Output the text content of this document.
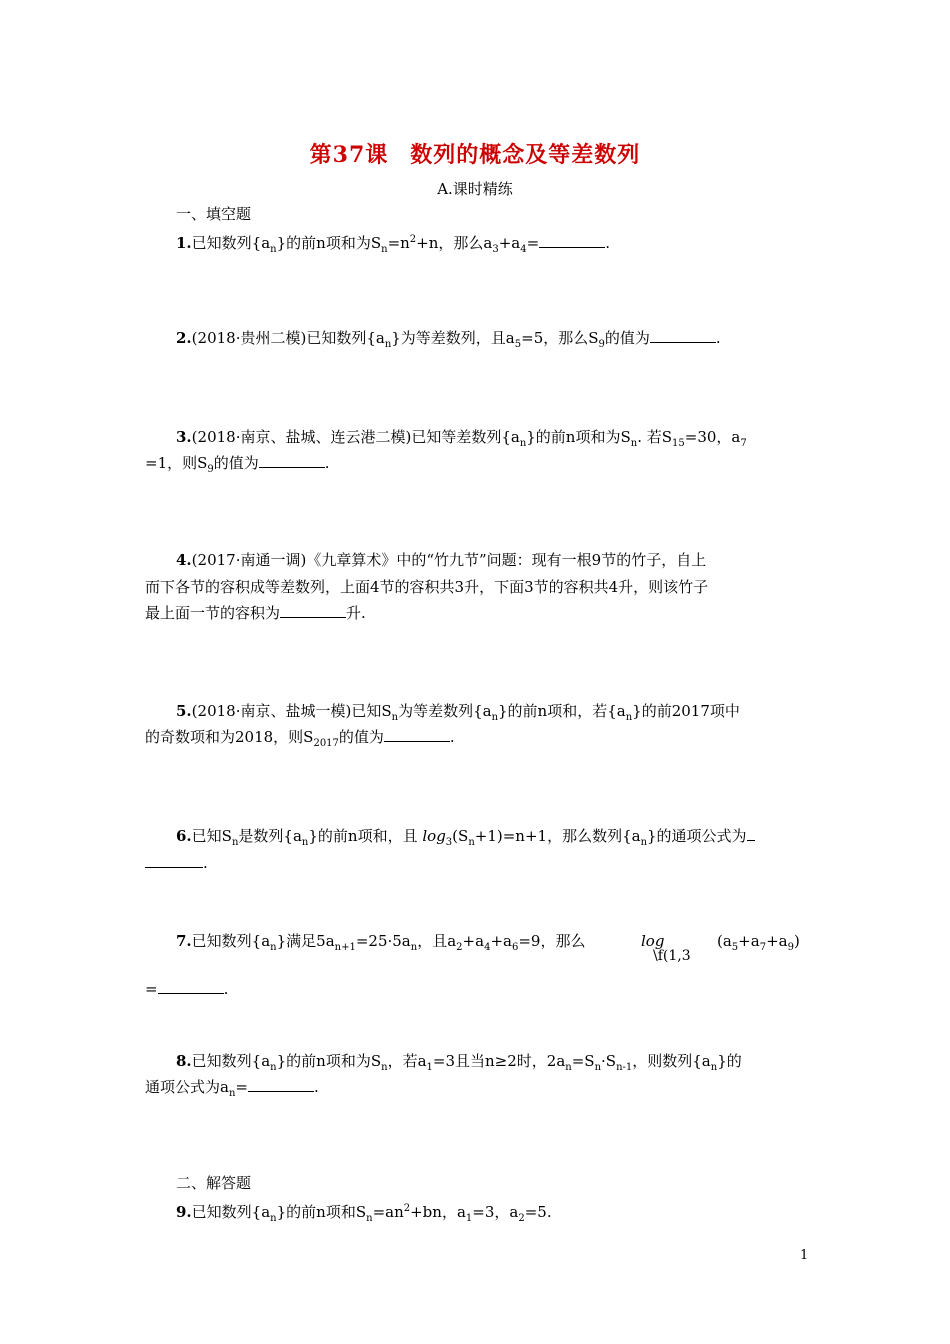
第37课 数列的概念及等差数列
A.课时精练
一、填空题
1.已知数列$\{a_n\}$的前n项和为$S_n=n^2+n$，那么$a_3+a_4=$	.
2.(2018·贵州二模)已知数列$\{a_n\}$为等差数列，且$a_5=5$，那么$S_9$的值为	.
3.(2018·南京、盐城、连云港二模)已知等差数列$\{a_n\}$的前n项和为$S_n$. 若$S_{15}=30$，$a_7$
=1，则$S_9$的值为	.
4.(2017·南通一调)《九章算术》中的“竹九节”问题：现有一根9节的竹子，自上
而下各节的容积成等差数列，上面4节的容积共3升，下面3节的容积共4升，则该竹子
最上面一节的容积为	升.
5.(2018·南京、盐城一模)已知$S_n$为等差数列$\{a_n\}$的前n项和，若$\{a_n\}$的前2017项中
的奇数项和为2018，则$S_{2017}$的值为	.
6.已知$S_n$是数列$\{a_n\}$的前n项和，且 $\log_3(S_n+1)=n+1$，那么数列$\{a_n\}$的通项公式为
.
7.已知数列$\{a_n\}$满足$5a_{n+1}=25\cdot 5a_n$，且$a_2+a_4+a_6=9$，那么	log
\f(1,3
$(a_5+a_7+a_9)$
=	.
8.已知数列$\{a_n\}$的前n项和为$S_n$，若$a_1=3$且当n≥2时，$2a_n=S_n\cdot S_{n-1}$，则数列$\{a_n\}$的
通项公式为$a_n=$	.
二、解答题
9.已知数列$\{a_n\}$的前n项和$S_n=an^2+bn$，$a_1=3$，$a_2=5$.
1
